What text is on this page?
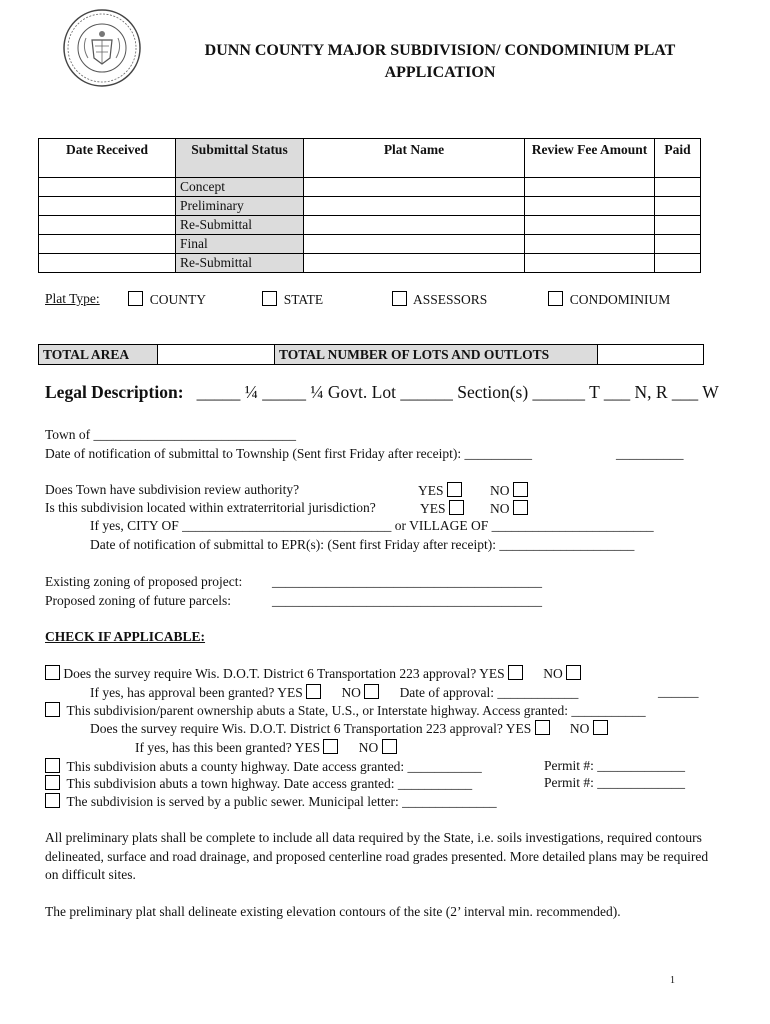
DUNN COUNTY MAJOR SUBDIVISION/ CONDOMINIUM PLAT
APPLICATION
Date Received	Submittal Status	Plat Name	Review Fee Amount	Paid
	Concept			
	Preliminary			
	Re-Submittal			
	Final			
	Re-Submittal			
Plat Type:	COUNTY	STATE	ASSESSORS	CONDOMINIUM
TOTAL AREA	TOTAL NUMBER OF LOTS AND OUTLOTS
Legal Description: _____ ¼ _____ ¼ Govt. Lot ______ Section(s) ______ T ___ N, R ___ W
Town of ______________________________
Date of notification of submittal to Township (Sent first Friday after receipt): __________	__________
Does Town have subdivision review authority?	YES	NO
Is this subdivision located within extraterritorial jurisdiction?	YES	NO
If yes, CITY OF _______________________________ or VILLAGE OF ________________________
Date of notification of submittal to EPR(s): (Sent first Friday after receipt): ____________________
Existing zoning of proposed project: ________________________________________
Proposed zoning of future parcels:	________________________________________
CHECK IF APPLICABLE:
Does the survey require Wis. D.O.T. District 6 Transportation 223 approval? YES	NO
If yes, has approval been granted? YES	NO	Date of approval: ____________	______
This subdivision/parent ownership abuts a State, U.S., or Interstate highway. Access granted: ___________
Does the survey require Wis. D.O.T. District 6 Transportation 223 approval? YES	NO
If yes, has this been granted? YES	NO
This subdivision abuts a county highway. Date access granted: ___________	Permit #: _____________
This subdivision abuts a town highway. Date access granted: ___________	Permit #: _____________
The subdivision is served by a public sewer. Municipal letter: ______________
All preliminary plats shall be complete to include all data required by the State, i.e. soils investigations, required contours delineated, surface and road drainage, and proposed centerline road grades presented. More detailed plans may be required on difficult sites.
The preliminary plat shall delineate existing elevation contours of the site (2’ interval min. recommended).
1
